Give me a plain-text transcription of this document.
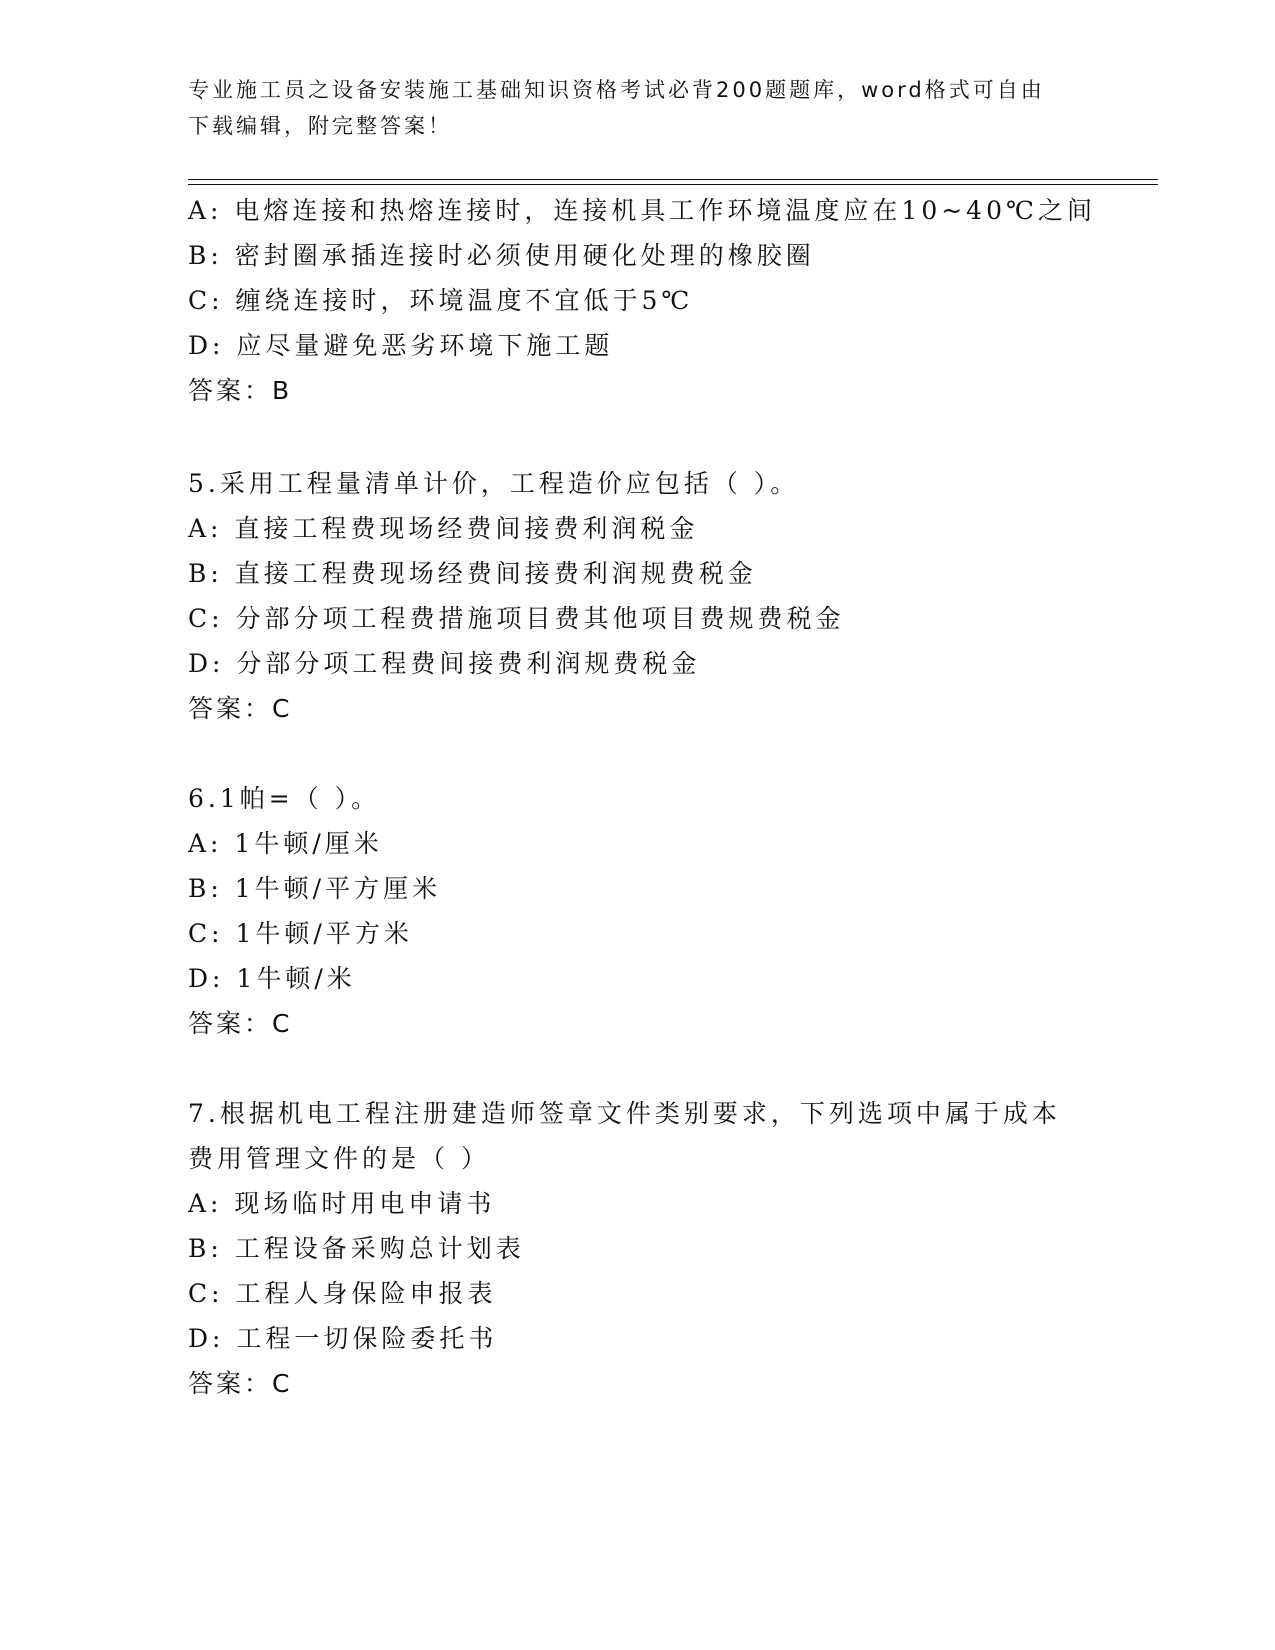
专业施工员之设备安装施工基础知识资格考试必背200题题库，word格式可自由
下载编辑，附完整答案！
A: 电熔连接和热熔连接时，连接机具工作环境温度应在10~40℃之间
B: 密封圈承插连接时必须使用硬化处理的橡胶圈
C: 缠绕连接时，环境温度不宜低于5℃
D: 应尽量避免恶劣环境下施工题
答案：B
5.采用工程量清单计价，工程造价应包括（ ）。
A: 直接工程费现场经费间接费利润税金
B: 直接工程费现场经费间接费利润规费税金
C: 分部分项工程费措施项目费其他项目费规费税金
D: 分部分项工程费间接费利润规费税金
答案：C
6.1帕=（ ）。
A: 1牛顿/厘米
B: 1牛顿/平方厘米
C: 1牛顿/平方米
D: 1牛顿/米
答案：C
7.根据机电工程注册建造师签章文件类别要求，下列选项中属于成本
费用管理文件的是（ ）
A: 现场临时用电申请书
B: 工程设备采购总计划表
C: 工程人身保险申报表
D: 工程一切保险委托书
答案：C
